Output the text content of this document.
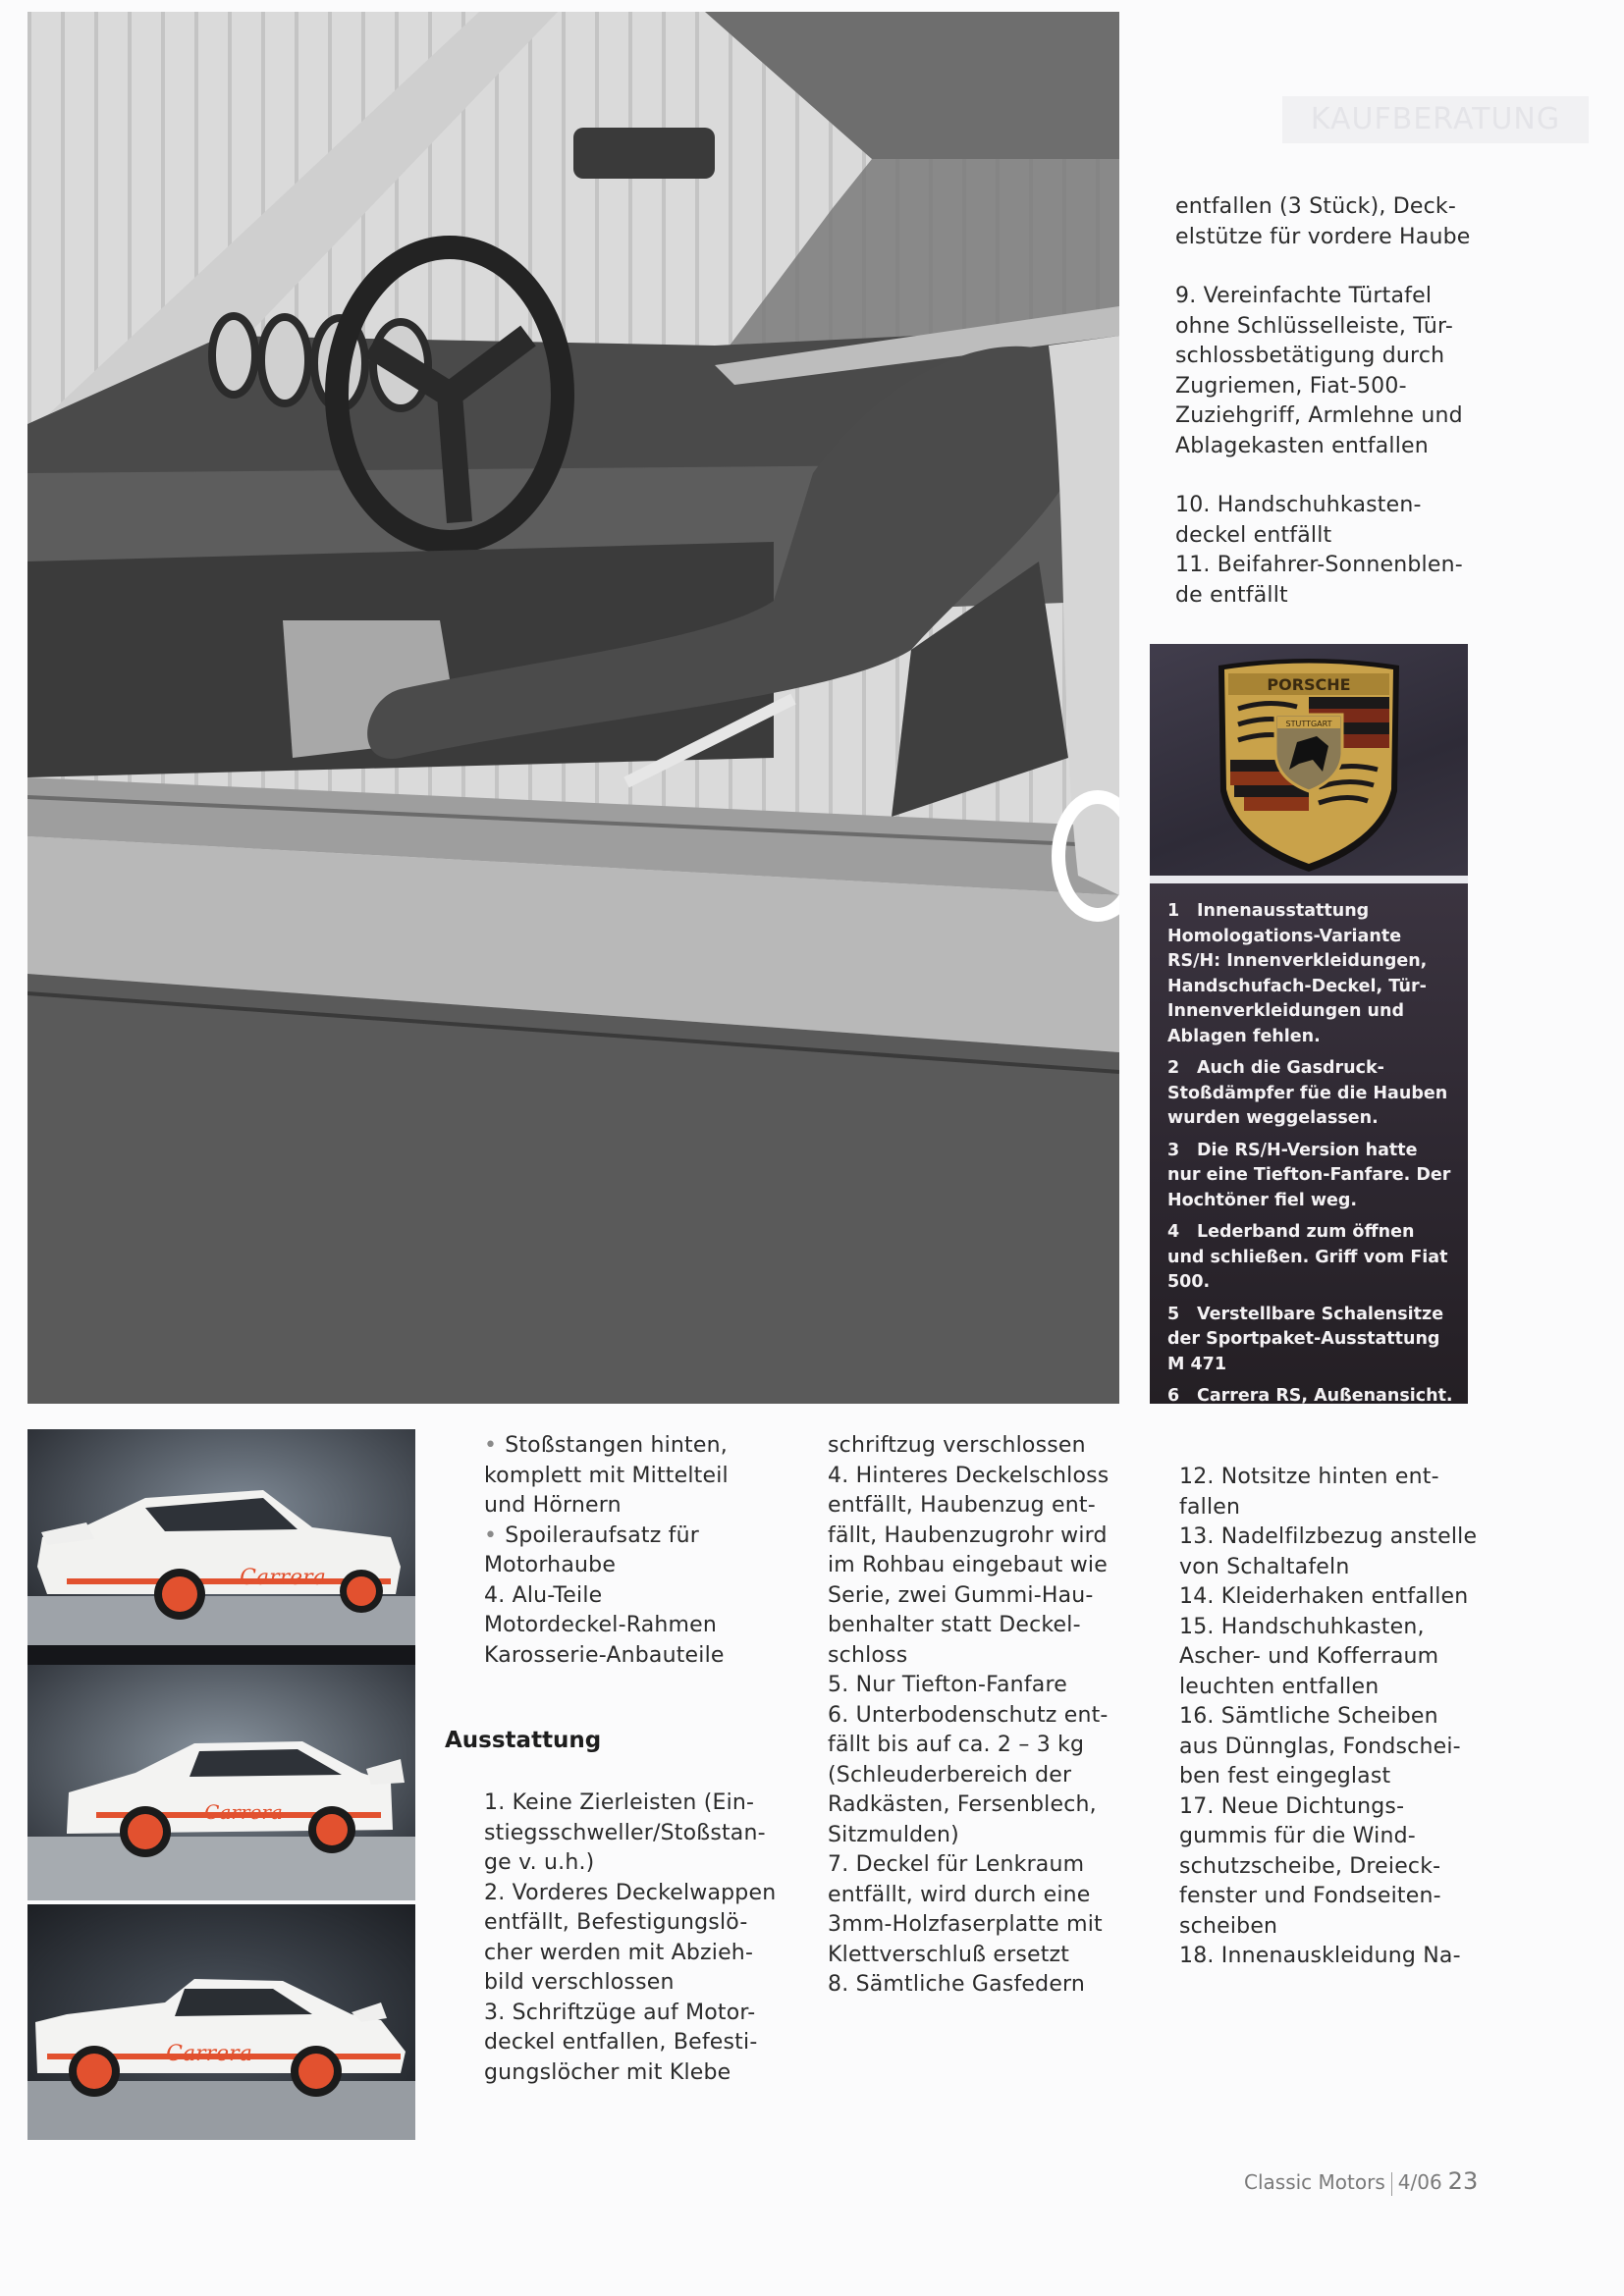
KAUFBERATUNG

entfallen (3 Stück), Deck-
elstütze für vordere Haube

9. Vereinfachte Türtafel
ohne Schlüsselleiste, Tür-
schlossbetätigung durch
Zugriemen, Fiat-500-
Zuziehgriff, Armlehne und
Ablagekasten entfallen

10. Handschuhkasten-
deckel entfällt

11. Beifahrer-Sonnenblen-
de entfällt

PORSCHE
STUTTGART

1 Innenausstattung Homologations-Variante RS/H: Innenverkleidungen, Handschufach-Deckel, Tür-Innenverkleidungen und Ablagen fehlen.

2 Auch die Gasdruck-Stoßdämpfer füe die Hauben wurden weggelassen.

3 Die RS/H-Version hatte nur eine Tiefton-Fanfare. Der Hochtöner fiel weg.

4 Lederband zum öffnen und schließen. Griff vom Fiat 500.

5 Verstellbare Schalensitze der Sportpaket-Ausstattung M 471

6 Carrera RS, Außenansicht.

Carrera
Carrera
Carrera

• Stoßstangen hinten,
komplett mit Mittelteil
und Hörnern

• Spoileraufsatz für
Motorhaube

4. Alu-Teile
Motordeckel-Rahmen
Karosserie-Anbauteile

Ausstattung

1. Keine Zierleisten (Ein-
stiegsschweller/Stoßstan-
ge v. u.h.)

2. Vorderes Deckelwappen
entfällt, Befestigungslö-
cher werden mit Abzieh-
bild verschlossen

3. Schriftzüge auf Motor-
deckel entfallen, Befesti-
gungslöcher mit Klebe

schriftzug verschlossen

4. Hinteres Deckelschloss
entfällt, Haubenzug ent-
fällt, Haubenzugrohr wird
im Rohbau eingebaut wie
Serie, zwei Gummi-Hau-
benhalter statt Deckel-
schloss

5. Nur Tiefton-Fanfare

6. Unterbodenschutz ent-
fällt bis auf ca. 2 – 3 kg
(Schleuderbereich der
Radkästen, Fersenblech,
Sitzmulden)

7. Deckel für Lenkraum
entfällt, wird durch eine
3mm-Holzfaserplatte mit
Klettverschluß ersetzt

8. Sämtliche Gasfedern

12. Notsitze hinten ent-
fallen

13. Nadelfilzbezug anstelle
von Schaltafeln

14. Kleiderhaken entfallen

15. Handschuhkasten,
Ascher- und Kofferraum
leuchten entfallen

16. Sämtliche Scheiben
aus Dünnglas, Fondschei-
ben fest eingeglast

17. Neue Dichtungs-
gummis für die Wind-
schutzscheibe, Dreieck-
fenster und Fondseiten-
scheiben

18. Innenauskleidung Na-

Classic Motors 4/06 23
